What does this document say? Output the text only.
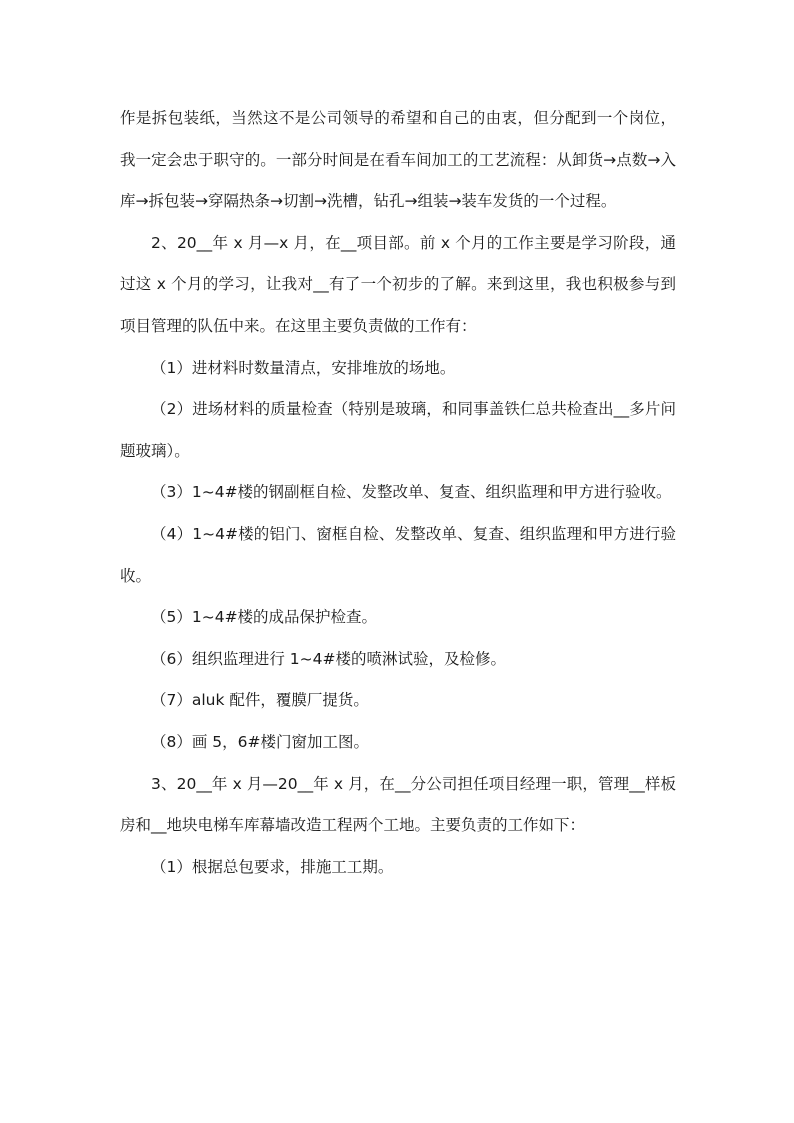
作是拆包装纸，当然这不是公司领导的希望和自己的由衷，但分配到一个岗位，我一定会忠于职守的。一部分时间是在看车间加工的工艺流程：从卸货→点数→入库→拆包装→穿隔热条→切割→洗槽，钻孔→组装→装车发货的一个过程。

2、20__年 x 月—x 月，在__项目部。前 x 个月的工作主要是学习阶段，通过这 x 个月的学习，让我对__有了一个初步的了解。来到这里，我也积极参与到项目管理的队伍中来。在这里主要负责做的工作有：

（1）进材料时数量清点，安排堆放的场地。

（2）进场材料的质量检查（特别是玻璃，和同事盖铁仁总共检查出__多片问题玻璃）。

（3）1~4#楼的钢副框自检、发整改单、复查、组织监理和甲方进行验收。

（4）1~4#楼的铝门、窗框自检、发整改单、复查、组织监理和甲方进行验收。

（5）1~4#楼的成品保护检查。

（6）组织监理进行 1~4#楼的喷淋试验，及检修。

（7）aluk 配件，覆膜厂提货。

（8）画 5，6#楼门窗加工图。

3、20__年 x 月—20__年 x 月，在__分公司担任项目经理一职，管理__样板房和__地块电梯车库幕墙改造工程两个工地。主要负责的工作如下：

（1）根据总包要求，排施工工期。
